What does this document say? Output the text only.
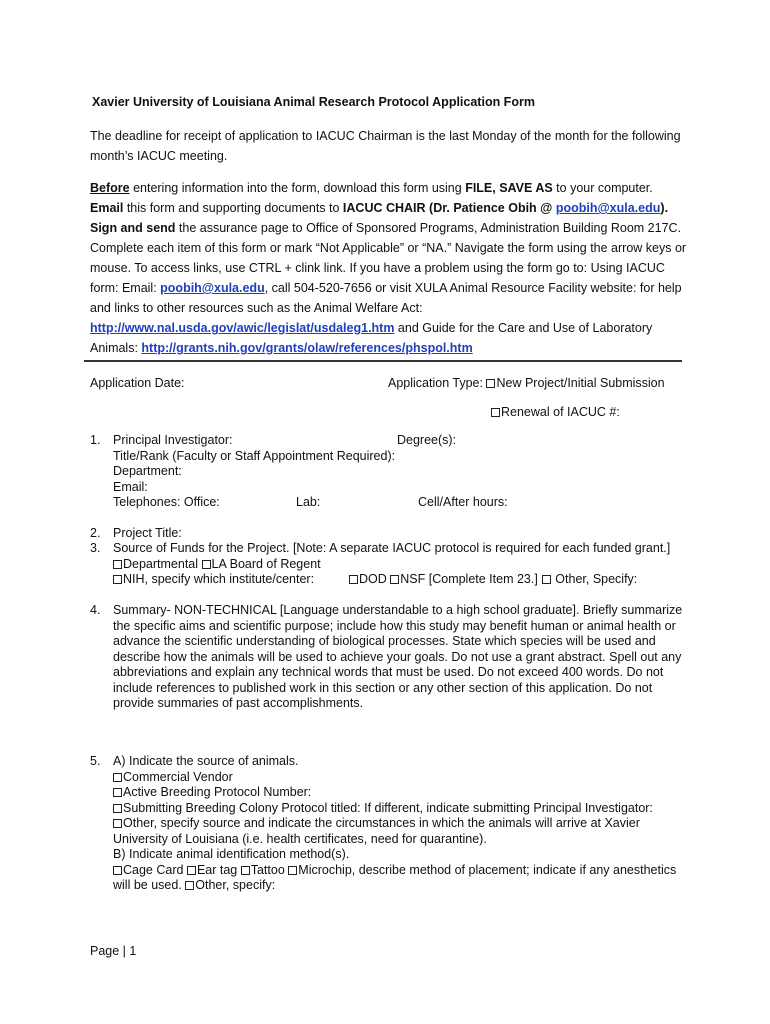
Xavier University of Louisiana Animal Research Protocol Application Form
The deadline for receipt of application to IACUC Chairman is the last Monday of the month for the following month’s IACUC meeting.
Before entering information into the form, download this form using FILE, SAVE AS to your computer.
Email this form and supporting documents to IACUC CHAIR (Dr. Patience Obih @ poobih@xula.edu).
Sign and send the assurance page to Office of Sponsored Programs, Administration Building Room 217C. Complete each item of this form or mark “Not Applicable” or “NA.” Navigate the form using the arrow keys or mouse. To access links, use CTRL + clink link. If you have a problem using the form go to: Using IACUC form: Email: poobih@xula.edu, call 504-520-7656 or visit XULA Animal Resource Facility website: for help and links to other resources such as the Animal Welfare Act: http://www.nal.usda.gov/awic/legislat/usdaleg1.htm and Guide for the Care and Use of Laboratory Animals: http://grants.nih.gov/grants/olaw/references/phspol.htm
Application Date:	Application Type: New Project/Initial Submission
Renewal of IACUC #:
1. Principal Investigator:	Degree(s):
Title/Rank (Faculty or Staff Appointment Required):
Department:
Email:
Telephones: Office:	Lab:	Cell/After hours:
2. Project Title:
3. Source of Funds for the Project. [Note: A separate IACUC protocol is required for each funded grant.]
Departmental LA Board of Regent
NIH, specify which institute/center:	DOD NSF [Complete Item 23.] Other, Specify:
4. Summary- NON-TECHNICAL [Language understandable to a high school graduate]. Briefly summarize the specific aims and scientific purpose; include how this study may benefit human or animal health or advance the scientific understanding of biological processes. State which species will be used and describe how the animals will be used to achieve your goals. Do not use a grant abstract. Spell out any abbreviations and explain any technical words that must be used. Do not exceed 400 words. Do not include references to published work in this section or any other section of this application. Do not provide summaries of past accomplishments.
5. A) Indicate the source of animals.
Commercial Vendor
Active Breeding Protocol Number:
Submitting Breeding Colony Protocol titled: If different, indicate submitting Principal Investigator:
Other, specify source and indicate the circumstances in which the animals will arrive at Xavier University of Louisiana (i.e. health certificates, need for quarantine).
B) Indicate animal identification method(s).
Cage Card Ear tag Tattoo Microchip, describe method of placement; indicate if any anesthetics will be used. Other, specify:
Page | 1
